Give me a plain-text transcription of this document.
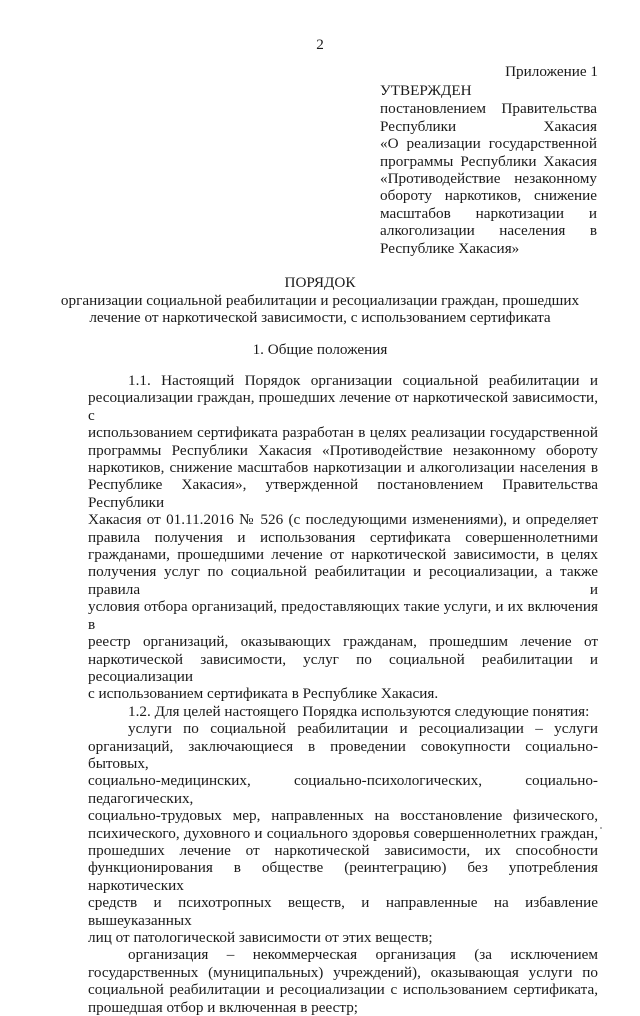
2
Приложение 1
УТВЕРЖДЕН
постановлением Правительства
Республики Хакасия
«О реализации государственной
программы Республики Хакасия
«Противодействие незаконному
обороту наркотиков, снижение
масштабов наркотизации и
алкоголизации населения в
Республике Хакасия»
ПОРЯДОК
организации социальной реабилитации и ресоциализации граждан, прошедших
лечение от наркотической зависимости, с использованием сертификата
1. Общие положения
1.1. Настоящий Порядок организации социальной реабилитации и
ресоциализации граждан, прошедших лечение от наркотической зависимости, с
использованием сертификата разработан в целях реализации государственной
программы Республики Хакасия «Противодействие незаконному обороту
наркотиков, снижение масштабов наркотизации и алкоголизации населения в
Республике Хакасия», утвержденной постановлением Правительства Республики
Хакасия от 01.11.2016 № 526 (с последующими изменениями), и определяет
правила получения и использования сертификата совершеннолетними
гражданами, прошедшими лечение от наркотической зависимости, в целях
получения услуг по социальной реабилитации и ресоциализации, а также правила и
условия отбора организаций, предоставляющих такие услуги, и их включения в
реестр организаций, оказывающих гражданам, прошедшим лечение от
наркотической зависимости, услуг по социальной реабилитации и ресоциализации
с использованием сертификата в Республике Хакасия.
1.2. Для целей настоящего Порядка используются следующие понятия:
услуги по социальной реабилитации и ресоциализации – услуги
организаций, заключающиеся в проведении совокупности социально-бытовых,
социально-медицинских, социально-психологических, социально-педагогических,
социально-трудовых мер, направленных на восстановление физического,
психического, духовного и социального здоровья совершеннолетних граждан,
прошедших лечение от наркотической зависимости, их способности
функционирования в обществе (реинтеграцию) без употребления наркотических
средств и психотропных веществ, и направленные на избавление вышеуказанных
лиц от патологической зависимости от этих веществ;
организация – некоммерческая организация (за исключением
государственных (муниципальных) учреждений), оказывающая услуги по
социальной реабилитации и ресоциализации с использованием сертификата,
прошедшая отбор и включенная в реестр;
